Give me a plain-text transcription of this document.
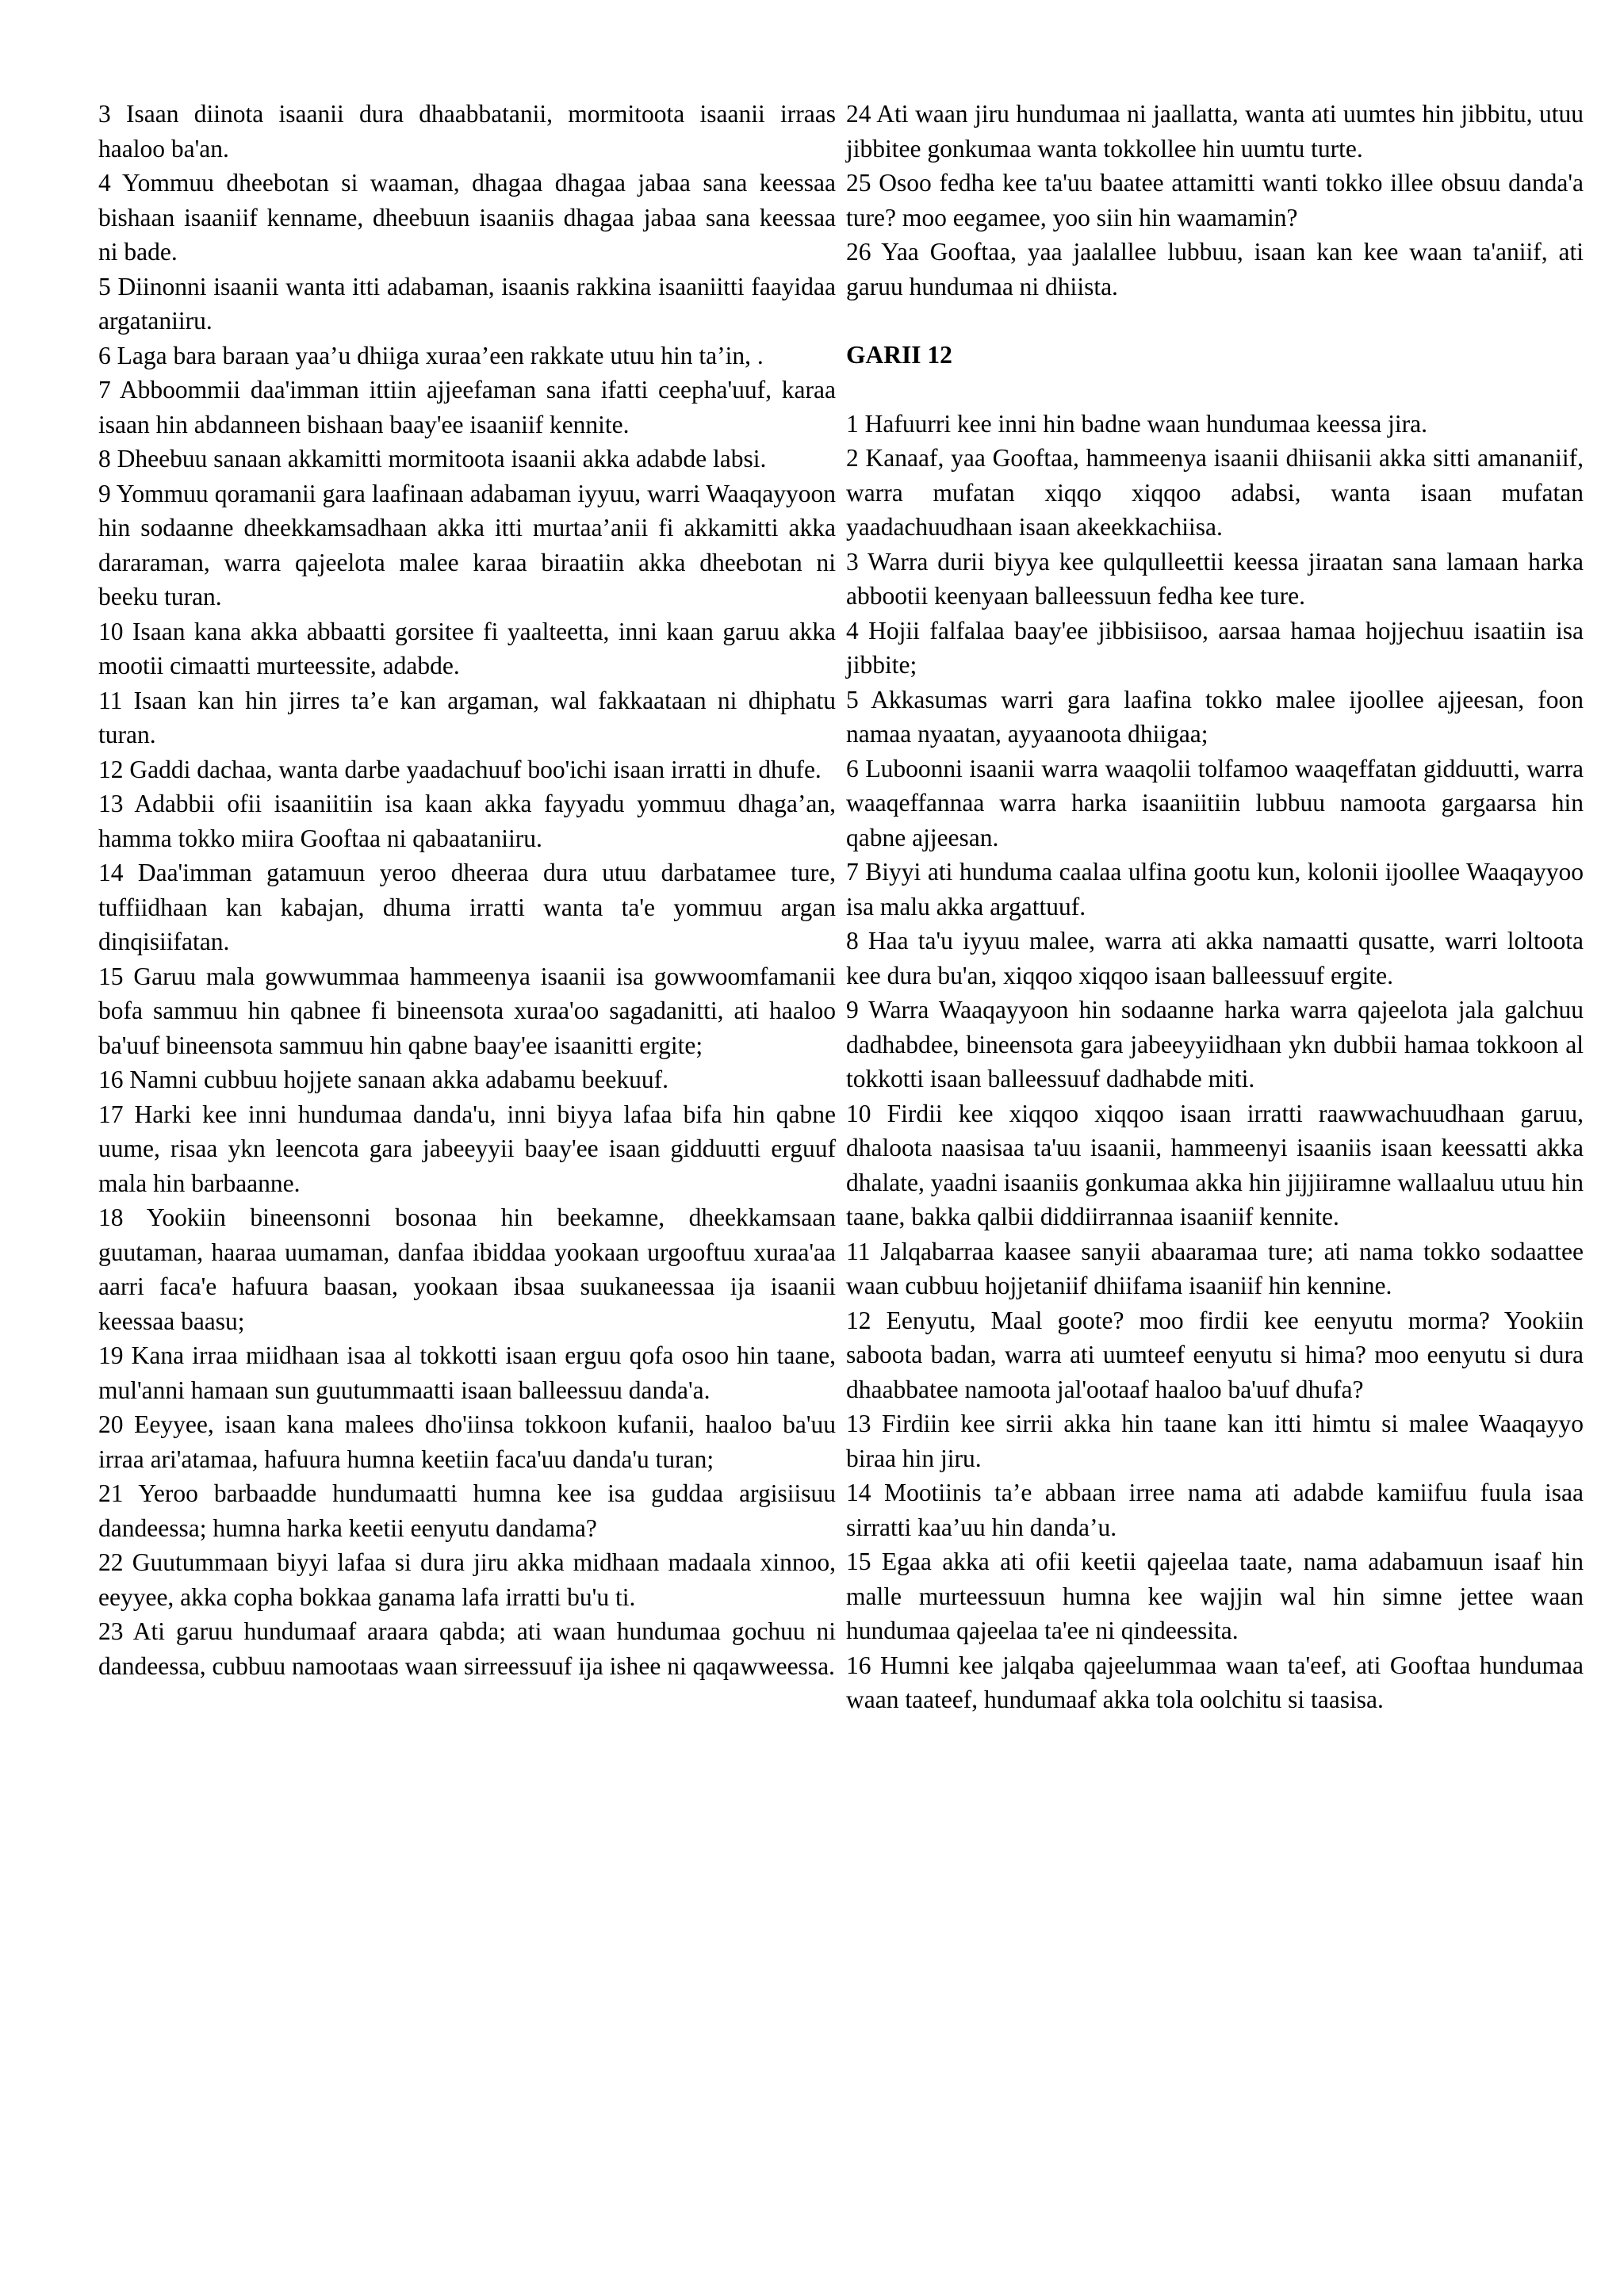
3 Isaan diinota isaanii dura dhaabbatanii, mormitoota isaanii irraas haaloo ba'an.

4 Yommuu dheebotan si waaman, dhagaa dhagaa jabaa sana keessaa bishaan isaaniif kenname, dheebuun isaaniis dhagaa jabaa sana keessaa ni bade.

5 Diinonni isaanii wanta itti adabaman, isaanis rakkina isaaniitti faayidaa argataniiru.

6 Laga bara baraan yaa’u dhiiga xuraa’een rakkate utuu hin ta’in, .

7 Abboommii daa'imman ittiin ajjeefaman sana ifatti ceepha'uuf, karaa isaan hin abdanneen bishaan baay'ee isaaniif kennite.

8 Dheebuu sanaan akkamitti mormitoota isaanii akka adabde labsi.

9 Yommuu qoramanii gara laafinaan adabaman iyyuu, warri Waaqayyoon hin sodaanne dheekkamsadhaan akka itti murtaa’anii fi akkamitti akka dararaman, warra qajeelota malee karaa biraatiin akka dheebotan ni beeku turan.

10 Isaan kana akka abbaatti gorsitee fi yaalteetta, inni kaan garuu akka mootii cimaatti murteessite, adabde.

11 Isaan kan hin jirres ta’e kan argaman, wal fakkaataan ni dhiphatu turan.

12 Gaddi dachaa, wanta darbe yaadachuuf boo'ichi isaan irratti in dhufe.

13 Adabbii ofii isaaniitiin isa kaan akka fayyadu yommuu dhaga’an, hamma tokko miira Gooftaa ni qabaataniiru.

14 Daa'imman gatamuun yeroo dheeraa dura utuu darbatamee ture, tuffiidhaan kan kabajan, dhuma irratti wanta ta'e yommuu argan dinqisiifatan.

15 Garuu mala gowwummaa hammeenya isaanii isa gowwoomfamanii bofa sammuu hin qabnee fi bineensota xuraa'oo sagadanitti, ati haaloo ba'uuf bineensota sammuu hin qabne baay'ee isaanitti ergite;

16 Namni cubbuu hojjete sanaan akka adabamu beekuuf.

17 Harki kee inni hundumaa danda'u, inni biyya lafaa bifa hin qabne uume, risaa ykn leencota gara jabeeyyii baay'ee isaan gidduutti erguuf mala hin barbaanne.

18 Yookiin bineensonni bosonaa hin beekamne, dheekkamsaan guutaman, haaraa uumaman, danfaa ibiddaa yookaan urgooftuu xuraa'aa aarri faca'e hafuura baasan, yookaan ibsaa suukaneessaa ija isaanii keessaa baasu;

19 Kana irraa miidhaan isaa al tokkotti isaan erguu qofa osoo hin taane, mul'anni hamaan sun guutummaatti isaan balleessuu danda'a.

20 Eeyyee, isaan kana malees dho'iinsa tokkoon kufanii, haaloo ba'uu irraa ari'atamaa, hafuura humna keetiin faca'uu danda'u turan;

21 Yeroo barbaadde hundumaatti humna kee isa guddaa argisiisuu dandeessa; humna harka keetii eenyutu dandama?

22 Guutummaan biyyi lafaa si dura jiru akka midhaan madaala xinnoo, eeyyee, akka copha bokkaa ganama lafa irratti bu'u ti.

23 Ati garuu hundumaaf araara qabda; ati waan hundumaa gochuu ni dandeessa, cubbuu namootaas waan sirreessuuf ija ishee ni qaqawweessa.

24 Ati waan jiru hundumaa ni jaallatta, wanta ati uumtes hin jibbitu, utuu jibbitee gonkumaa wanta tokkollee hin uumtu turte.

25 Osoo fedha kee ta'uu baatee attamitti wanti tokko illee obsuu danda'a ture? moo eegamee, yoo siin hin waamamin?

26 Yaa Gooftaa, yaa jaalallee lubbuu, isaan kan kee waan ta'aniif, ati garuu hundumaa ni dhiista.

GARII 12

1 Hafuurri kee inni hin badne waan hundumaa keessa jira.

2 Kanaaf, yaa Gooftaa, hammeenya isaanii dhiisanii akka sitti amananiif, warra mufatan xiqqo xiqqoo adabsi, wanta isaan mufatan yaadachuudhaan isaan akeekkachiisa.

3 Warra durii biyya kee qulqulleettii keessa jiraatan sana lamaan harka abbootii keenyaan balleessuun fedha kee ture.

4 Hojii falfalaa baay'ee jibbisiisoo, aarsaa hamaa hojjechuu isaatiin isa jibbite;

5 Akkasumas warri gara laafina tokko malee ijoollee ajjeesan, foon namaa nyaatan, ayyaanoota dhiigaa;

6 Luboonni isaanii warra waaqolii tolfamoo waaqeffatan gidduutti, warra waaqeffannaa warra harka isaaniitiin lubbuu namoota gargaarsa hin qabne ajjeesan.

7 Biyyi ati hunduma caalaa ulfina gootu kun, kolonii ijoollee Waaqayyoo isa malu akka argattuuf.

8 Haa ta'u iyyuu malee, warra ati akka namaatti qusatte, warri loltoota kee dura bu'an, xiqqoo xiqqoo isaan balleessuuf ergite.

9 Warra Waaqayyoon hin sodaanne harka warra qajeelota jala galchuu dadhabdee, bineensota gara jabeeyyiidhaan ykn dubbii hamaa tokkoon al tokkotti isaan balleessuuf dadhabde miti.

10 Firdii kee xiqqoo xiqqoo isaan irratti raawwachuudhaan garuu, dhaloota naasisaa ta'uu isaanii, hammeenyi isaaniis isaan keessatti akka dhalate, yaadni isaaniis gonkumaa akka hin jijjiiramne wallaaluu utuu hin taane, bakka qalbii diddiirrannaa isaaniif kennite.

11 Jalqabarraa kaasee sanyii abaaramaa ture; ati nama tokko sodaattee waan cubbuu hojjetaniif dhiifama isaaniif hin kennine.

12 Eenyutu, Maal goote? moo firdii kee eenyutu morma? Yookiin saboota badan, warra ati uumteef eenyutu si hima? moo eenyutu si dura dhaabbatee namoota jal'ootaaf haaloo ba'uuf dhufa?

13 Firdiin kee sirrii akka hin taane kan itti himtu si malee Waaqayyo biraa hin jiru.

14 Mootiinis ta’e abbaan irree nama ati adabde kamiifuu fuula isaa sirratti kaa’uu hin danda’u.

15 Egaa akka ati ofii keetii qajeelaa taate, nama adabamuun isaaf hin malle murteessuun humna kee wajjin wal hin simne jettee waan hundumaa qajeelaa ta'ee ni qindeessita.

16 Humni kee jalqaba qajeelummaa waan ta'eef, ati Gooftaa hundumaa waan taateef, hundumaaf akka tola oolchitu si taasisa.
